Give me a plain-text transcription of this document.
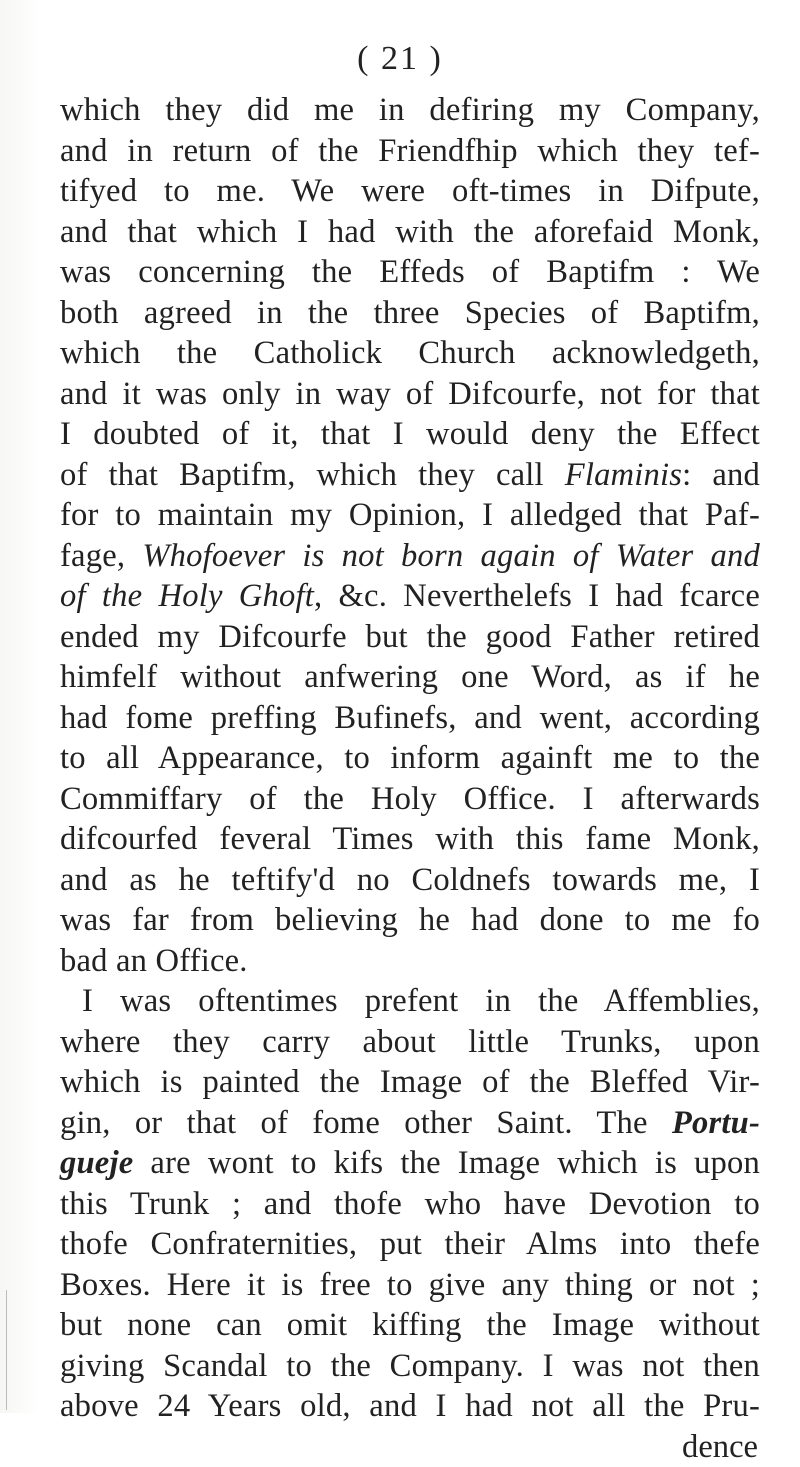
( 21 )
which they did me in defiring my Company,
and in return of the Friendfhip which they tef-
tifyed to me. We were oft-times in Difpute,
and that which I had with the aforefaid Monk,
was concerning the Effeds of Baptifm : We
both agreed in the three Species of Baptifm,
which the Catholick Church acknowledgeth,
and it was only in way of Difcourfe, not for that
I doubted of it, that I would deny the Effect
of that Baptifm, which they call Flaminis: and
for to maintain my Opinion, I alledged that Paf-
fage, Whofoever is not born again of Water and
of the Holy Ghoft, &c. Neverthelefs I had fcarce
ended my Difcourfe but the good Father retired
himfelf without anfwering one Word, as if he
had fome preffing Bufinefs, and went, according
to all Appearance, to inform againft me to the
Commiffary of the Holy Office. I afterwards
difcourfed feveral Times with this fame Monk,
and as he teftify'd no Coldnefs towards me, I
was far from believing he had done to me fo
bad an Office.
I was oftentimes prefent in the Affemblies,
where they carry about little Trunks, upon
which is painted the Image of the Bleffed Vir-
gin, or that of fome other Saint. The Portu-
gueje are wont to kifs the Image which is upon
this Trunk ; and thofe who have Devotion to
thofe Confraternities, put their Alms into thefe
Boxes. Here it is free to give any thing or not ;
but none can omit kiffing the Image without
giving Scandal to the Company. I was not then
above 24 Years old, and I had not all the Pru-
dence
